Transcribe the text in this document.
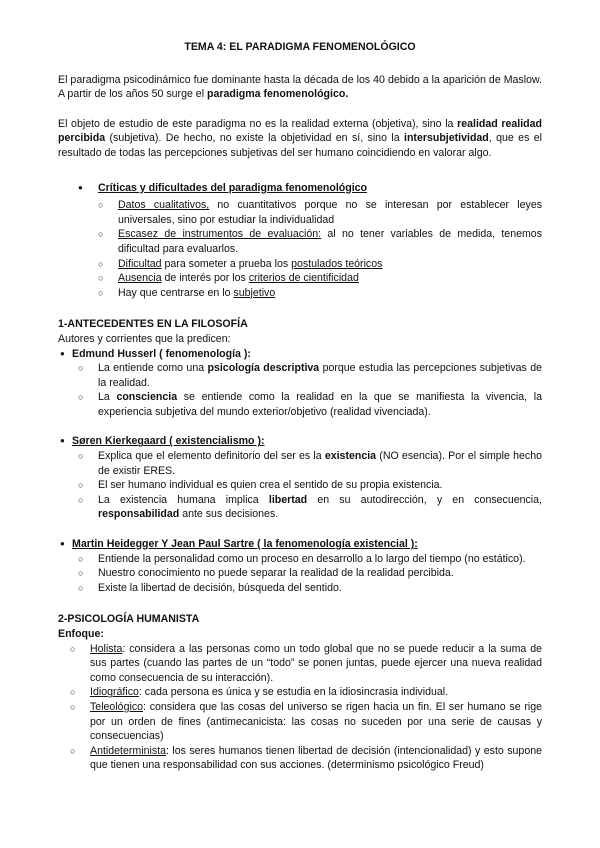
TEMA 4: EL PARADIGMA FENOMENOLÓGICO

El paradigma psicodinámico fue dominante hasta la década de los 40 debido a la aparición de Maslow. A partir de los años 50 surge el paradigma fenomenológico.

El objeto de estudio de este paradigma no es la realidad externa (objetiva), sino la realidad realidad percibida (subjetiva). De hecho, no existe la objetividad en sí, sino la intersubjetividad, que es el resultado de todas las percepciones subjetivas del ser humano coincidiendo en valorar algo.

● Críticas y dificultades del paradigma fenomenológico
○ Datos cualitativos, no cuantitativos porque no se interesan por establecer leyes universales, sino por estudiar la individualidad
○ Escasez de instrumentos de evaluación: al no tener variables de medida, tenemos dificultad para evaluarlos.
○ Dificultad para someter a prueba los postulados teóricos
○ Ausencia de interés por los criterios de cientificidad
○ Hay que centrarse en lo subjetivo
1-ANTECEDENTES EN LA FILOSOFÍA
Autores y corrientes que la predicen:
● Edmund Husserl ( fenomenología ):
○ La entiende como una psicología descriptiva porque estudia las percepciones subjetivas de la realidad.
○ La consciencia se entiende como la realidad en la que se manifiesta la vivencia, la experiencia subjetiva del mundo exterior/objetivo (realidad vivenciada).
● Søren Kierkegaard ( existencialismo ):
○ Explica que el elemento definitorio del ser es la existencia (NO esencia). Por el simple hecho de existir ERES.
○ El ser humano individual es quien crea el sentido de su propia existencia.
○ La existencia humana implica libertad en su autodirección, y en consecuencia, responsabilidad ante sus decisiones.
● Martin Heidegger Y Jean Paul Sartre ( la fenomenología existencial ):
○ Entiende la personalidad como un proceso en desarrollo a lo largo del tiempo (no estático).
○ Nuestro conocimiento no puede separar la realidad de la realidad percibida.
○ Existe la libertad de decisión, búsqueda del sentido.
2-PSICOLOGÍA HUMANISTA
Enfoque:
○ Holista: considera a las personas como un todo global que no se puede reducir a la suma de sus partes (cuando las partes de un “todo” se ponen juntas, puede ejercer una nueva realidad como consecuencia de su interacción).
○ Idiográfico: cada persona es única y se estudia en la idiosincrasia individual.
○ Teleológico: considera que las cosas del universo se rigen hacia un fin. El ser humano se rige por un orden de fines (antimecanicista: las cosas no suceden por una serie de causas y consecuencias)
○ Antideterminista: los seres humanos tienen libertad de decisión (intencionalidad) y esto supone que tienen una responsabilidad con sus acciones. (determinismo psicológico Freud)
